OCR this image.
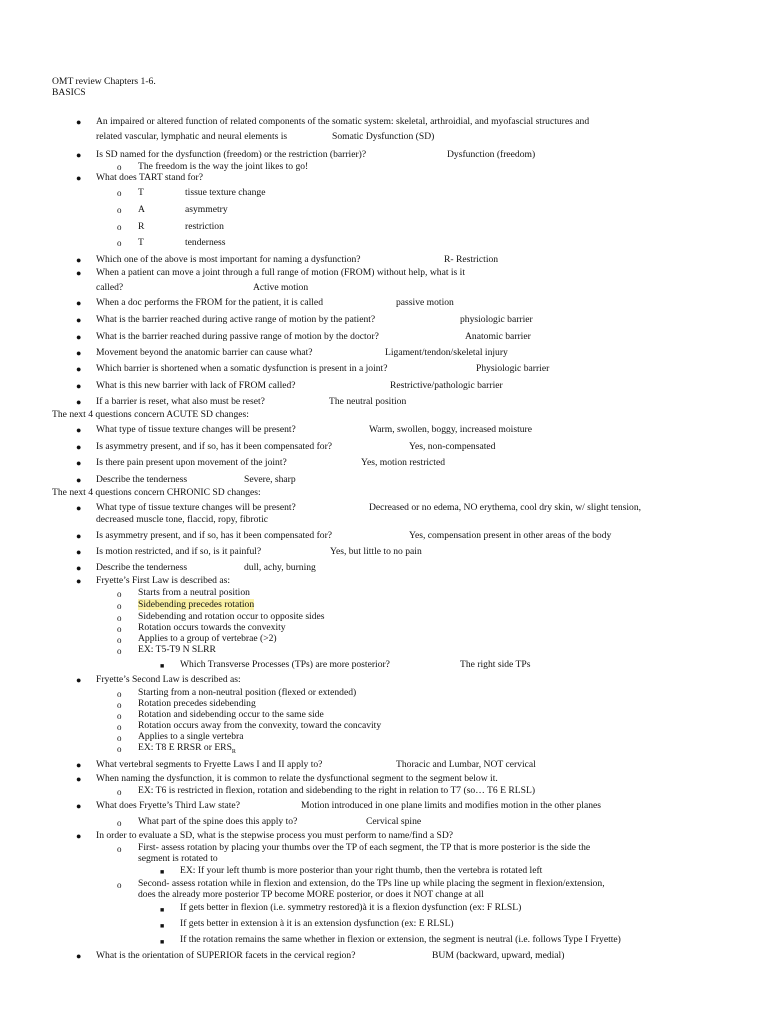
OMT review Chapters 1-6.
BASICS
● An impaired or altered function of related components of the somatic system: skeletal, arthroidial, and myofascial structures and
related vascular, lymphatic and neural elements is	Somatic Dysfunction (SD)
● Is SD named for the dysfunction (freedom) or the restriction (barrier)?	Dysfunction (freedom)
o The freedom is the way the joint likes to go!
● What does TART stand for?
o T	tissue texture change
o A	asymmetry
o R	restriction
o T	tenderness
● Which one of the above is most important for naming a dysfunction?	R- Restriction
● When a patient can move a joint through a full range of motion (FROM) without help, what is it
called?	Active motion
● When a doc performs the FROM for the patient, it is called	passive motion
● What is the barrier reached during active range of motion by the patient?	physiologic barrier
● What is the barrier reached during passive range of motion by the doctor?	Anatomic barrier
● Movement beyond the anatomic barrier can cause what?	Ligament/tendon/skeletal injury
● Which barrier is shortened when a somatic dysfunction is present in a joint?	Physiologic barrier
● What is this new barrier with lack of FROM called?	Restrictive/pathologic barrier
● If a barrier is reset, what also must be reset?	The neutral position
The next 4 questions concern ACUTE SD changes:
● What type of tissue texture changes will be present?	Warm, swollen, boggy, increased moisture
● Is asymmetry present, and if so, has it been compensated for?	Yes, non-compensated
● Is there pain present upon movement of the joint?	Yes, motion restricted
● Describe the tenderness	Severe, sharp
The next 4 questions concern CHRONIC SD changes:
● What type of tissue texture changes will be present?	Decreased or no edema, NO erythema, cool dry skin, w/ slight tension,
decreased muscle tone, flaccid, ropy, fibrotic
● Is asymmetry present, and if so, has it been compensated for?	Yes, compensation present in other areas of the body
● Is motion restricted, and if so, is it painful?	Yes, but little to no pain
● Describe the tenderness	dull, achy, burning
● Fryette’s First Law is described as:
o Starts from a neutral position
o Sidebending precedes rotation
o Sidebending and rotation occur to opposite sides
o Rotation occurs towards the convexity
o Applies to a group of vertebrae (>2)
o EX: T5-T9 N SLRR
■ Which Transverse Processes (TPs) are more posterior?	The right side TPs
● Fryette’s Second Law is described as:
o Starting from a non-neutral position (flexed or extended)
o Rotation precedes sidebending
o Rotation and sidebending occur to the same side
o Rotation occurs away from the convexity, toward the concavity
o Applies to a single vertebra
o EX: T8 E RRSR or $ERS_R$
● What vertebral segments to Fryette Laws I and II apply to?	Thoracic and Lumbar, NOT cervical
● When naming the dysfunction, it is common to relate the dysfunctional segment to the segment below it.
o EX: T6 is restricted in flexion, rotation and sidebending to the right in relation to T7 (so… T6 E RLSL)
● What does Fryette’s Third Law state?	Motion introduced in one plane limits and modifies motion in the other planes
o What part of the spine does this apply to?	Cervical spine
● In order to evaluate a SD, what is the stepwise process you must perform to name/find a SD?
o First- assess rotation by placing your thumbs over the TP of each segment, the TP that is more posterior is the side the
segment is rotated to
■ EX: If your left thumb is more posterior than your right thumb, then the vertebra is rotated left
o Second- assess rotation while in flexion and extension, do the TPs line up while placing the segment in flexion/extension,
does the already more posterior TP become MORE posterior, or does it NOT change at all
■ If gets better in flexion (i.e. symmetry restored)à it is a flexion dysfunction (ex: F RLSL)
■ If gets better in extension à it is an extension dysfunction (ex: E RLSL)
■ If the rotation remains the same whether in flexion or extension, the segment is neutral (i.e. follows Type I Fryette)
● What is the orientation of SUPERIOR facets in the cervical region?	BUM (backward, upward, medial)
